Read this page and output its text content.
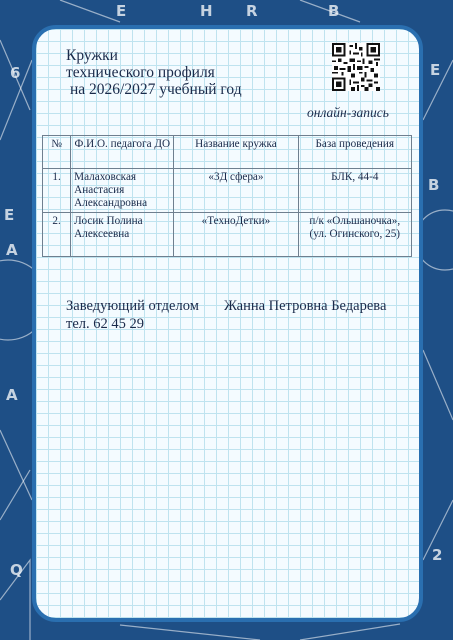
E	H R	B
6
E
A
A
Q
E
B
2
Кружки
технического профиля
на 2026/2027 учебный год
онлайн-запись
№	Ф.И.О. педагога ДО	Название кружка	База проведения
1.	Малаховская Анастасия Александровна	«3Д сфера»	БЛК, 44-4
2.	Лосик Полина Алексеевна	«ТехноДетки»	п/к «Ольшаночка», (ул. Огинского, 25)
Заведующий отделом Жанна Петровна Бедарева
тел. 62 45 29
